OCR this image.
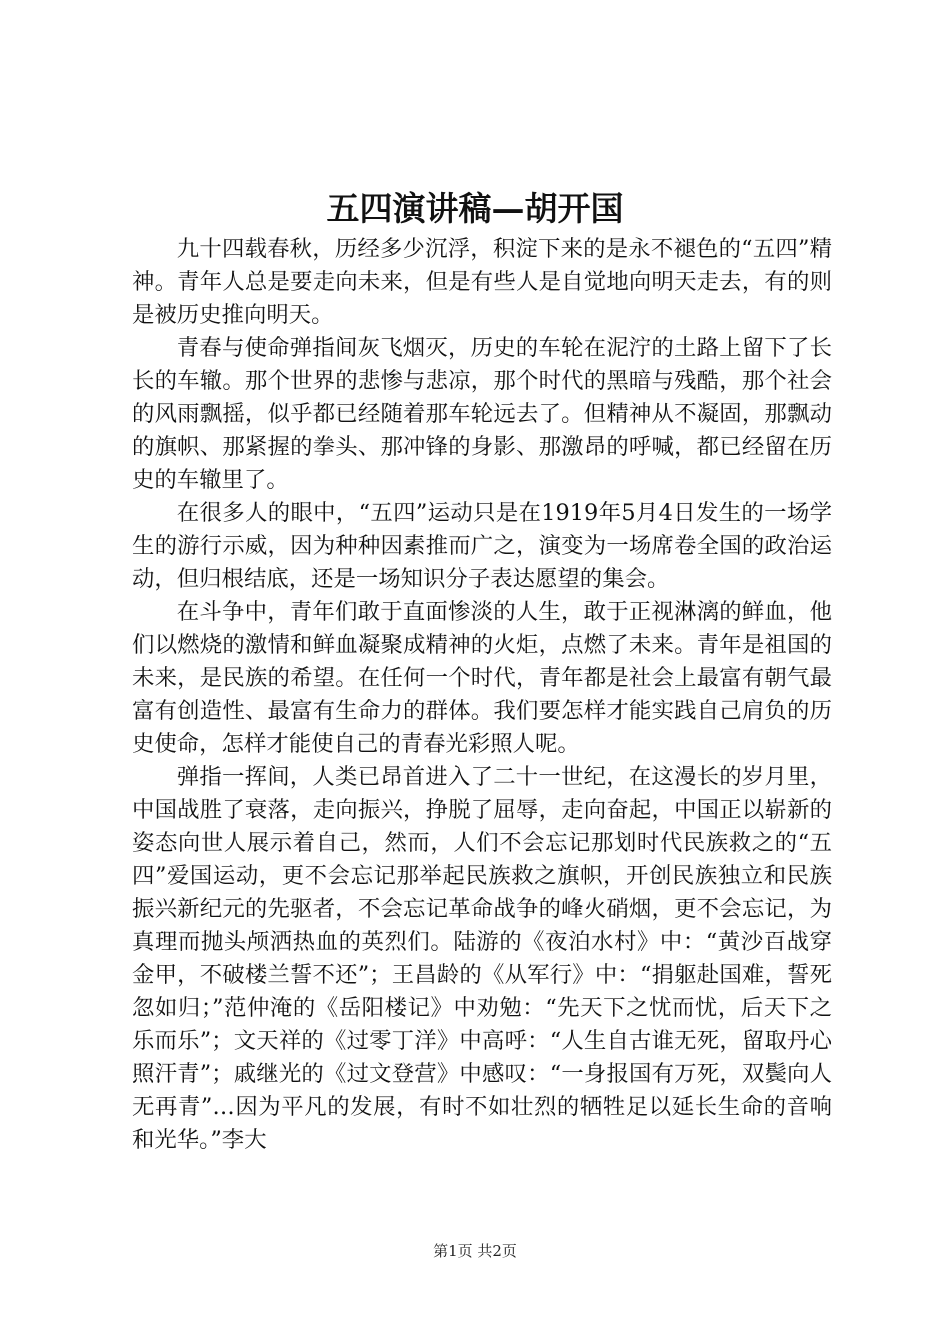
五四演讲稿—胡开国

九十四载春秋，历经多少沉浮，积淀下来的是永不褪色的“五四”精神。青年人总是要走向未来，但是有些人是自觉地向明天走去，有的则是被历史推向明天。

青春与使命弹指间灰飞烟灭，历史的车轮在泥泞的土路上留下了长长的车辙。那个世界的悲惨与悲凉，那个时代的黑暗与残酷，那个社会的风雨飘摇，似乎都已经随着那车轮远去了。但精神从不凝固，那飘动的旗帜、那紧握的拳头、那冲锋的身影、那激昂的呼喊，都已经留在历史的车辙里了。

在很多人的眼中，“五四”运动只是在1919年5月4日发生的一场学生的游行示威，因为种种因素推而广之，演变为一场席卷全国的政治运动，但归根结底，还是一场知识分子表达愿望的集会。

在斗争中，青年们敢于直面惨淡的人生，敢于正视淋漓的鲜血，他们以燃烧的激情和鲜血凝聚成精神的火炬，点燃了未来。青年是祖国的未来，是民族的希望。在任何一个时代，青年都是社会上最富有朝气最富有创造性、最富有生命力的群体。我们要怎样才能实践自己肩负的历史使命，怎样才能使自己的青春光彩照人呢。

弹指一挥间，人类已昂首进入了二十一世纪，在这漫长的岁月里，中国战胜了衰落，走向振兴，挣脱了屈辱，走向奋起，中国正以崭新的姿态向世人展示着自己，然而，人们不会忘记那划时代民族救之的“五四”爱国运动，更不会忘记那举起民族救之旗帜，开创民族独立和民族振兴新纪元的先驱者，不会忘记革命战争的峰火硝烟，更不会忘记，为真理而抛头颅洒热血的英烈们。陆游的《夜泊水村》中：“黄沙百战穿金甲，不破楼兰誓不还”；王昌龄的《从军行》中：“捐躯赴国难，誓死忽如归；”范仲淹的《岳阳楼记》中劝勉：“先天下之忧而忧，后天下之乐而乐”；文天祥的《过零丁洋》中高呼：“人生自古谁无死，留取丹心照汗青”；戚继光的《过文登营》中感叹：“一身报国有万死，双鬓向人无再青”…因为平凡的发展，有时不如壮烈的牺牲足以延长生命的音响和光华。”李大

第1页 共2页
